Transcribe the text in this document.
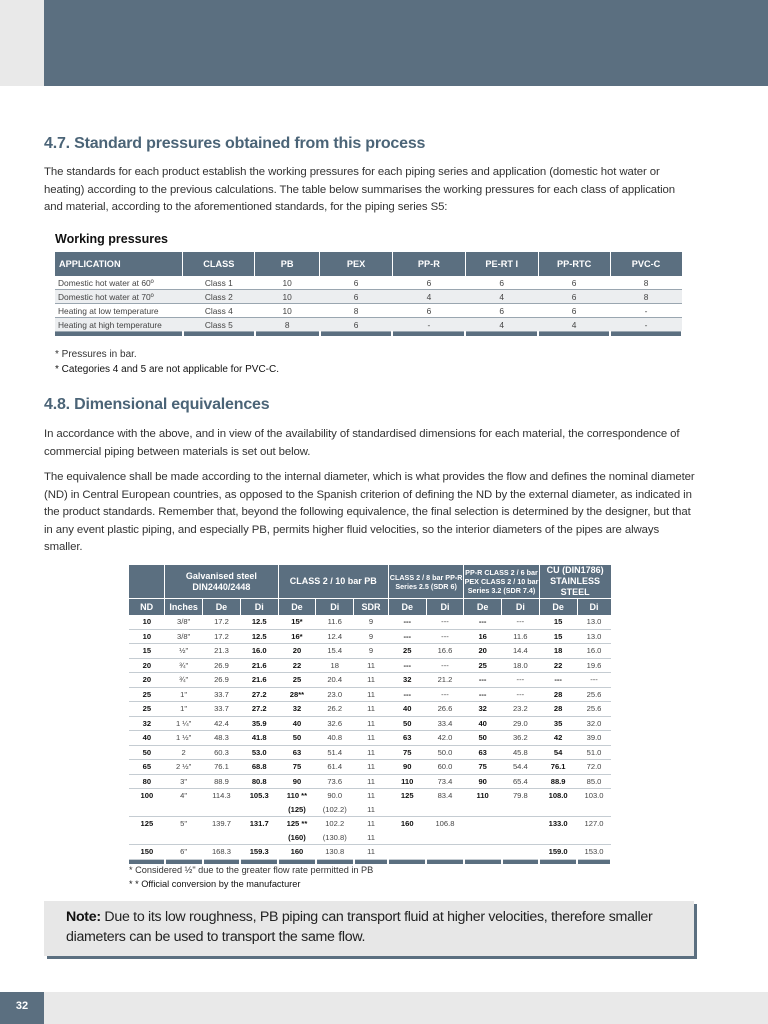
4.7. Standard pressures obtained from this process

The standards for each product establish the working pressures for each piping series and application (domestic hot water or heating) according to the previous calculations. The table below summarises the working pressures for each class of application and material, according to the aforementioned standards, for the piping series S5:

Working pressures

APPLICATION	CLASS	PB	PEX	PP-R	PE-RT I	PP-RTC	PVC-C
Domestic hot water at 60º	Class 1	10	6	6	6	6	8
Domestic hot water at 70º	Class 2	10	6	4	4	6	8
Heating at low temperature	Class 4	10	8	6	6	6	-
Heating at high temperature	Class 5	8	6	-	4	4	-

* Pressures in bar.

* Categories 4 and 5 are not applicable for PVC-C.

4.8. Dimensional equivalences

In accordance with the above, and in view of the availability of standardised dimensions for each material, the correspondence of commercial piping between materials is set out below.

The equivalence shall be made according to the internal diameter, which is what provides the flow and defines the nominal diameter (ND) in Central European countries, as opposed to the Spanish criterion of defining the ND by the external diameter, as indicated in the product standards. Remember that, beyond the following equivalence, the final selection is determined by the designer, but that in any event plastic piping, and especially PB, permits higher fluid velocities, so the interior diameters of the pipes are always smaller.

	Galvanised steel DIN2440/2448			CLASS 2 / 10 bar PB			CLASS 2 / 8 bar PP-R Series 2.5 (SDR 6)		PP-R CLASS 2 / 6 bar PEX CLASS 2 / 10 bar Series 3.2 (SDR 7.4)		CU (DIN1786) STAINLESS STEEL	
ND	Inches	De	Di	De	Di	SDR	De	Di	De	Di	De	Di
10	3/8"	17.2	12.5	15*	11.6	9	---	---	---	---	15	13.0
10	3/8"	17.2	12.5	16*	12.4	9	---	---	16	11.6	15	13.0
15	½"	21.3	16.0	20	15.4	9	25	16.6	20	14.4	18	16.0
20	¾"	26.9	21.6	22	18	11	---	---	25	18.0	22	19.6
20	¾"	26.9	21.6	25	20.4	11	32	21.2	---	---	---	---
25	1"	33.7	27.2	28**	23.0	11	---	---	---	---	28	25.6
25	1"	33.7	27.2	32	26.2	11	40	26.6	32	23.2	28	25.6
32	1 ¼"	42.4	35.9	40	32.6	11	50	33.4	40	29.0	35	32.0
40	1 ½"	48.3	41.8	50	40.8	11	63	42.0	50	36.2	42	39.0
50	2	60.3	53.0	63	51.4	11	75	50.0	63	45.8	54	51.0
65	2 ½"	76.1	68.8	75	61.4	11	90	60.0	75	54.4	76.1	72.0
80	3"	88.9	80.8	90	73.6	11	110	73.4	90	65.4	88.9	85.0
100	4"	114.3	105.3	110 **	90.0	11	125	83.4	110	79.8	108.0	103.0
				(125)	(102.2)	11						
125	5"	139.7	131.7	125 **	102.2	11	160	106.8			133.0	127.0
				(160)	(130.8)	11						
150	6"	168.3	159.3	160	130.8	11					159.0	153.0

* Considered ½" due to the greater flow rate permitted in PB

* * Official conversion by the manufacturer

Note: Due to its low roughness, PB piping can transport fluid at higher velocities, therefore smaller diameters can be used to transport the same flow.

32
